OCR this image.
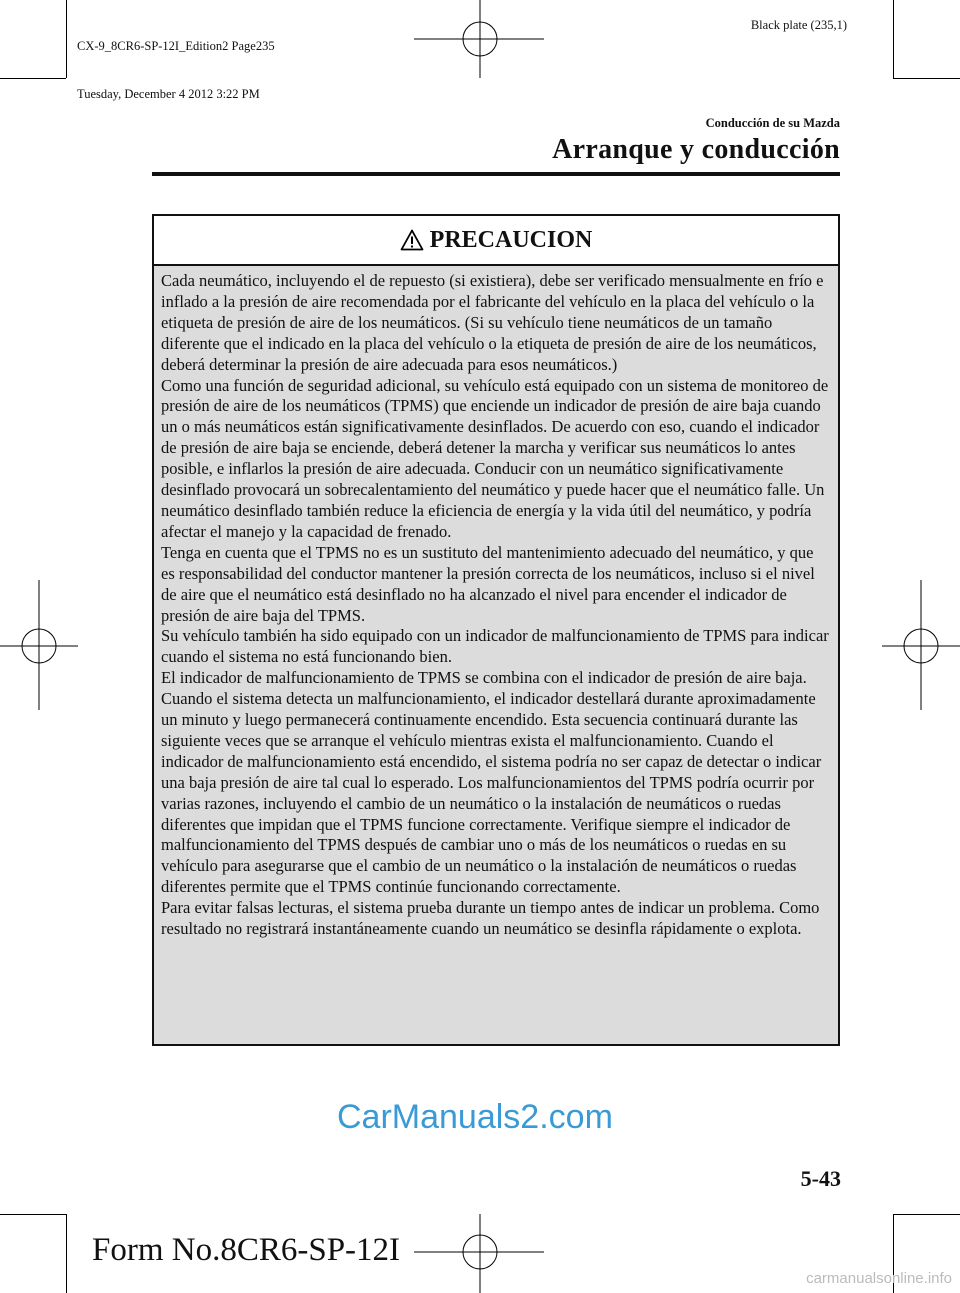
CX-9_8CR6-SP-12I_Edition2 Page235

Tuesday, December 4 2012 3:22 PM

Black plate (235,1)
Conducción de su Mazda
Arranque y conducción
PRECAUCION

Cada neumático, incluyendo el de repuesto (si existiera), debe ser verificado mensualmente en frío e inflado a la presión de aire recomendada por el fabricante del vehículo en la placa del vehículo o la etiqueta de presión de aire de los neumáticos. (Si su vehículo tiene neumáticos de un tamaño diferente que el indicado en la placa del vehículo o la etiqueta de presión de aire de los neumáticos, deberá determinar la presión de aire adecuada para esos neumáticos.)

Como una función de seguridad adicional, su vehículo está equipado con un sistema de monitoreo de presión de aire de los neumáticos (TPMS) que enciende un indicador de presión de aire baja cuando un o más neumáticos están significativamente desinflados. De acuerdo con eso, cuando el indicador de presión de aire baja se enciende, deberá detener la marcha y verificar sus neumáticos lo antes posible, e inflarlos la presión de aire adecuada. Conducir con un neumático significativamente desinflado provocará un sobrecalentamiento del neumático y puede hacer que el neumático falle. Un neumático desinflado también reduce la eficiencia de energía y la vida útil del neumático, y podría afectar el manejo y la capacidad de frenado.

Tenga en cuenta que el TPMS no es un sustituto del mantenimiento adecuado del neumático, y que es responsabilidad del conductor mantener la presión correcta de los neumáticos, incluso si el nivel de aire que el neumático está desinflado no ha alcanzado el nivel para encender el indicador de presión de aire baja del TPMS.

Su vehículo también ha sido equipado con un indicador de malfuncionamiento de TPMS para indicar cuando el sistema no está funcionando bien.

El indicador de malfuncionamiento de TPMS se combina con el indicador de presión de aire baja. Cuando el sistema detecta un malfuncionamiento, el indicador destellará durante aproximadamente un minuto y luego permanecerá continuamente encendido. Esta secuencia continuará durante las siguiente veces que se arranque el vehículo mientras exista el malfuncionamiento. Cuando el indicador de malfuncionamiento está encendido, el sistema podría no ser capaz de detectar o indicar una baja presión de aire tal cual lo esperado. Los malfuncionamientos del TPMS podría ocurrir por varias razones, incluyendo el cambio de un neumático o la instalación de neumáticos o ruedas diferentes que impidan que el TPMS funcione correctamente. Verifique siempre el indicador de malfuncionamiento del TPMS después de cambiar uno o más de los neumáticos o ruedas en su vehículo para asegurarse que el cambio de un neumático o la instalación de neumáticos o ruedas diferentes permite que el TPMS continúe funcionando correctamente.

Para evitar falsas lecturas, el sistema prueba durante un tiempo antes de indicar un problema. Como resultado no registrará instantáneamente cuando un neumático se desinfla rápidamente o explota.

CarManuals2.com
5-43
Form No.8CR6-SP-12I
carmanualsonline.info
